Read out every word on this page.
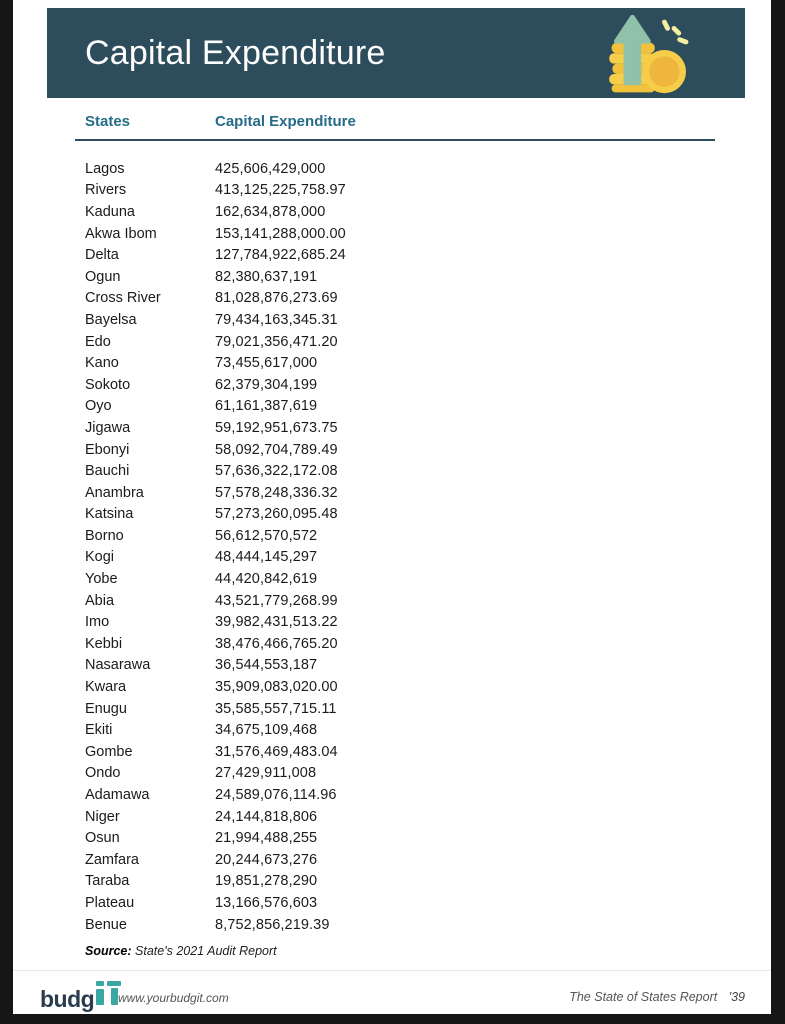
Capital Expenditure
States	Capital Expenditure
Lagos	425,606,429,000
Rivers	413,125,225,758.97
Kaduna	162,634,878,000
Akwa Ibom	153,141,288,000.00
Delta	127,784,922,685.24
Ogun	82,380,637,191
Cross River	81,028,876,273.69
Bayelsa	79,434,163,345.31
Edo	79,021,356,471.20
Kano	73,455,617,000
Sokoto	62,379,304,199
Oyo	61,161,387,619
Jigawa	59,192,951,673.75
Ebonyi	58,092,704,789.49
Bauchi	57,636,322,172.08
Anambra	57,578,248,336.32
Katsina	57,273,260,095.48
Borno	56,612,570,572
Kogi	48,444,145,297
Yobe	44,420,842,619
Abia	43,521,779,268.99
Imo	39,982,431,513.22
Kebbi	38,476,466,765.20
Nasarawa	36,544,553,187
Kwara	35,909,083,020.00
Enugu	35,585,557,715.11
Ekiti	34,675,109,468
Gombe	31,576,469,483.04
Ondo	27,429,911,008
Adamawa	24,589,076,114.96
Niger	24,144,818,806
Osun	21,994,488,255
Zamfara	20,244,673,276
Taraba	19,851,278,290
Plateau	13,166,576,603
Benue	8,752,856,219.39
Source: State's 2021 Audit Report
budg www.yourbudgit.com	The State of States Report '39
